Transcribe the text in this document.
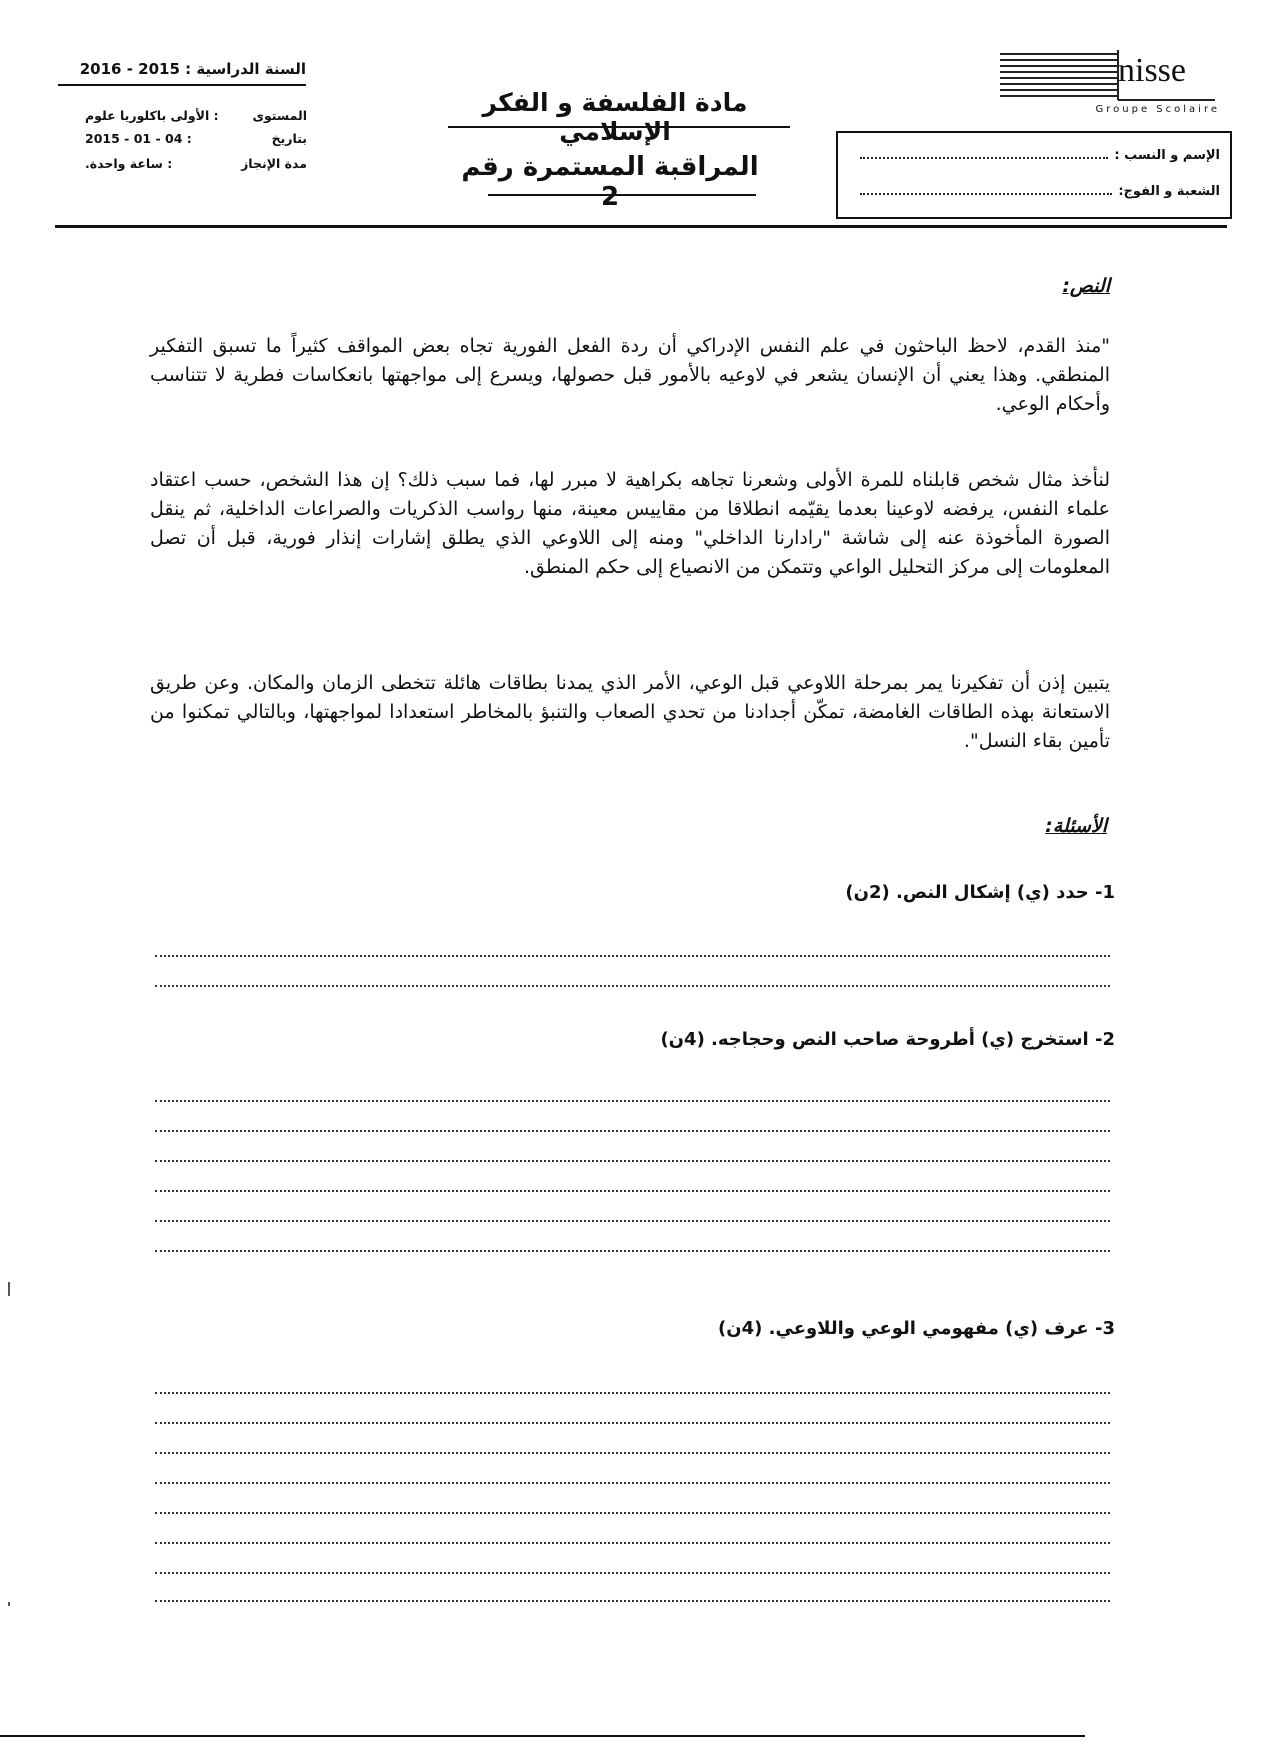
السنة الدراسية : 2015 - 2016
المستوى
: الأولى باكلوريا علوم
بتاريخ
: 04 - 01 - 2015
مدة الإنجاز
: ساعة واحدة.
مادة الفلسفة و الفكر الإسلامي
المراقبة المستمرة رقم 2
nisse
Groupe Scolaire
الإسم و النسب :
الشعبة و الفوج:
النص:
"منذ القدم، لاحظ الباحثون في علم النفس الإدراكي أن ردة الفعل الفورية تجاه بعض المواقف كثيراً ما تسبق التفكير المنطقي. وهذا يعني أن الإنسان يشعر في لاوعيه بالأمور قبل حصولها، ويسرع إلى مواجهتها بانعكاسات فطرية لا تتناسب وأحكام الوعي.
لنأخذ مثال شخص قابلناه للمرة الأولى وشعرنا تجاهه بكراهية لا مبرر لها، فما سبب ذلك؟ إن هذا الشخص، حسب اعتقاد علماء النفس، يرفضه لاوعينا بعدما يقيّمه انطلاقا من مقاييس معينة، منها رواسب الذكريات والصراعات الداخلية، ثم ينقل الصورة المأخوذة عنه إلى شاشة "رادارنا الداخلي" ومنه إلى اللاوعي الذي يطلق إشارات إنذار فورية، قبل أن تصل المعلومات إلى مركز التحليل الواعي وتتمكن من الانصياع إلى حكم المنطق.
يتبين إذن أن تفكيرنا يمر بمرحلة اللاوعي قبل الوعي، الأمر الذي يمدنا بطاقات هائلة تتخطى الزمان والمكان. وعن طريق الاستعانة بهذه الطاقات الغامضة، تمكّن أجدادنا من تحدي الصعاب والتنبؤ بالمخاطر استعدادا لمواجهتها، وبالتالي تمكنوا من تأمين بقاء النسل".
الأسئلة:
1- حدد (ي) إشكال النص. (2ن)
2- استخرج (ي) أطروحة صاحب النص وحجاجه. (4ن)
3- عرف (ي) مفهومي الوعي واللاوعي. (4ن)
